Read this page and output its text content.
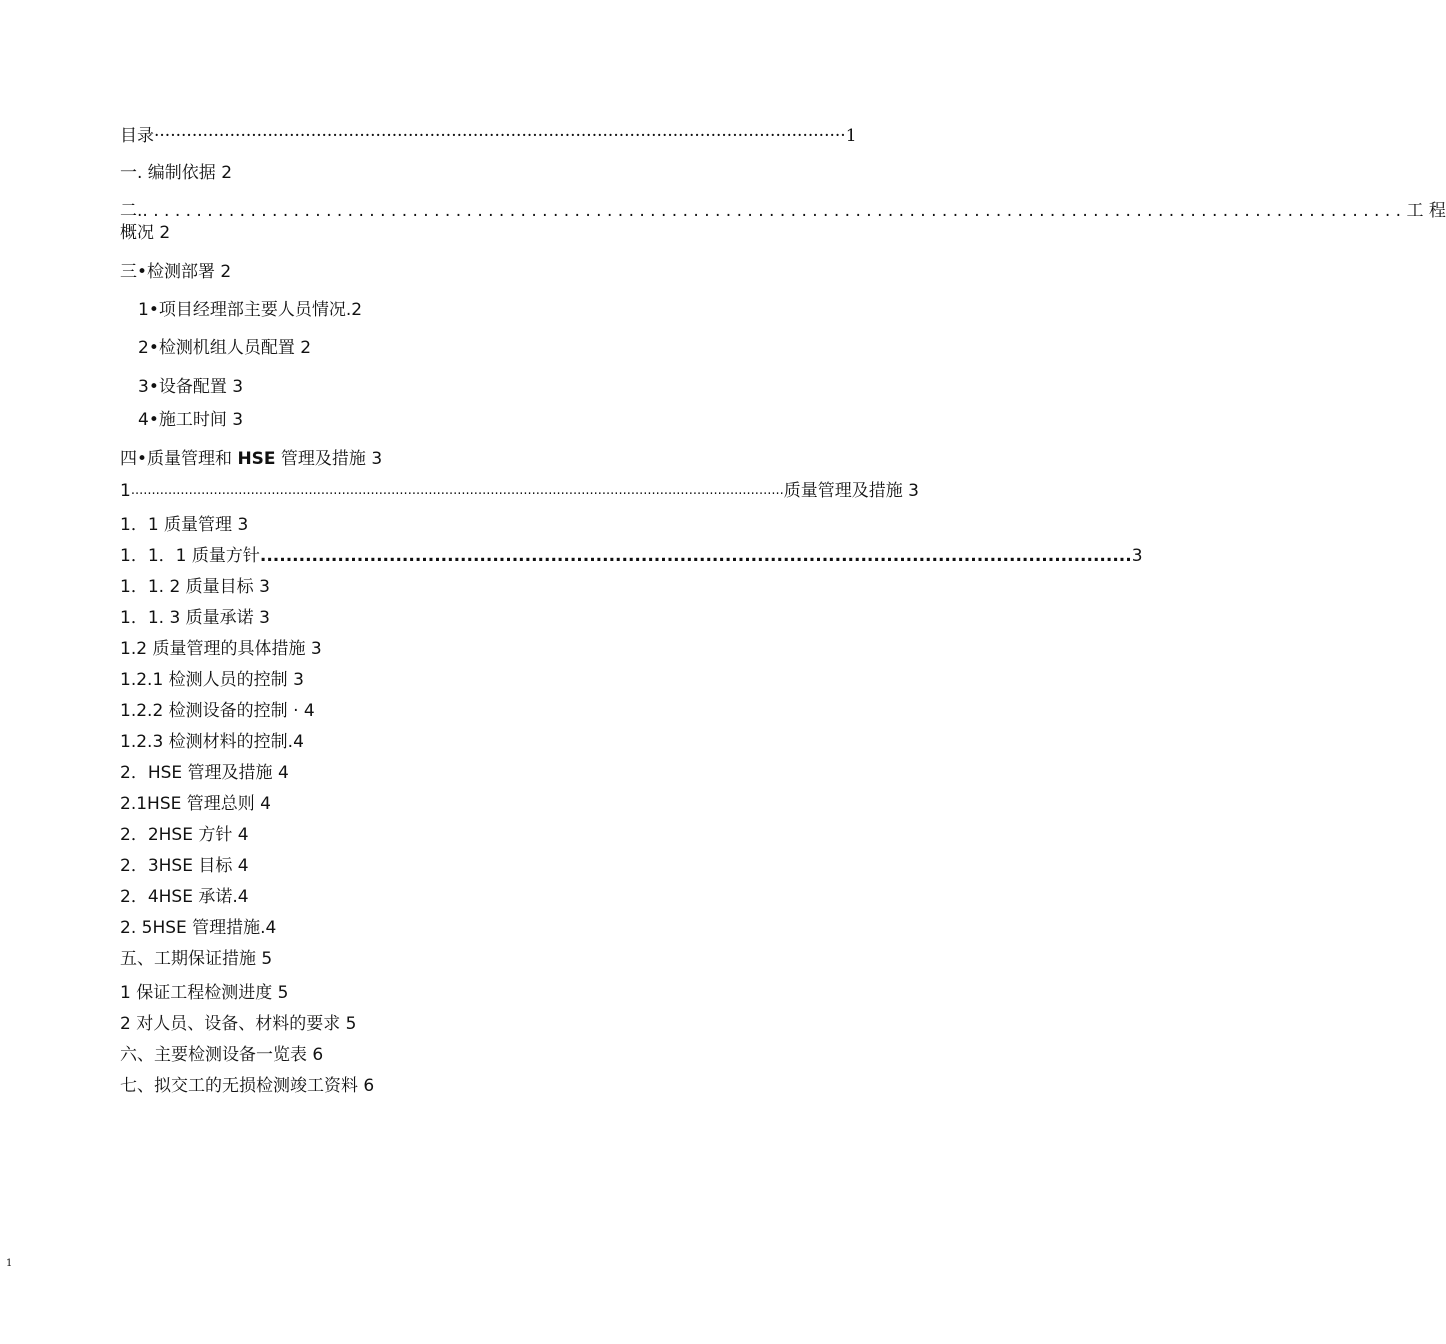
目录 ································································································································ 1
一. 编制依据 2
二. ..................................................................................................................... 工 程
概况 2
三•检测部署 2
1•项目经理部主要人员情况.2
2•检测机组人员配置 2
3•设备配置 3
4•施工时间 3
四•质量管理和 HSE 管理及措施 3
1 .............................................................................................................................................................. 质量管理及措施 3
1．1 质量管理 3
1．1．1 质量方针 ....................................................................................................................................... 3
1．1. 2 质量目标 3
1．1. 3 质量承诺 3
1.2 质量管理的具体措施 3
1.2.1 检测人员的控制 3
1.2.2 检测设备的控制 · 4
1.2.3 检测材料的控制.4
2．HSE 管理及措施 4
2.1HSE 管理总则 4
2．2HSE 方针 4
2．3HSE 目标 4
2．4HSE 承诺.4
2. 5HSE 管理措施.4
五、工期保证措施 5
1 保证工程检测进度 5
2 对人员、设备、材料的要求 5
六、主要检测设备一览表 6
七、拟交工的无损检测竣工资料 6
1
